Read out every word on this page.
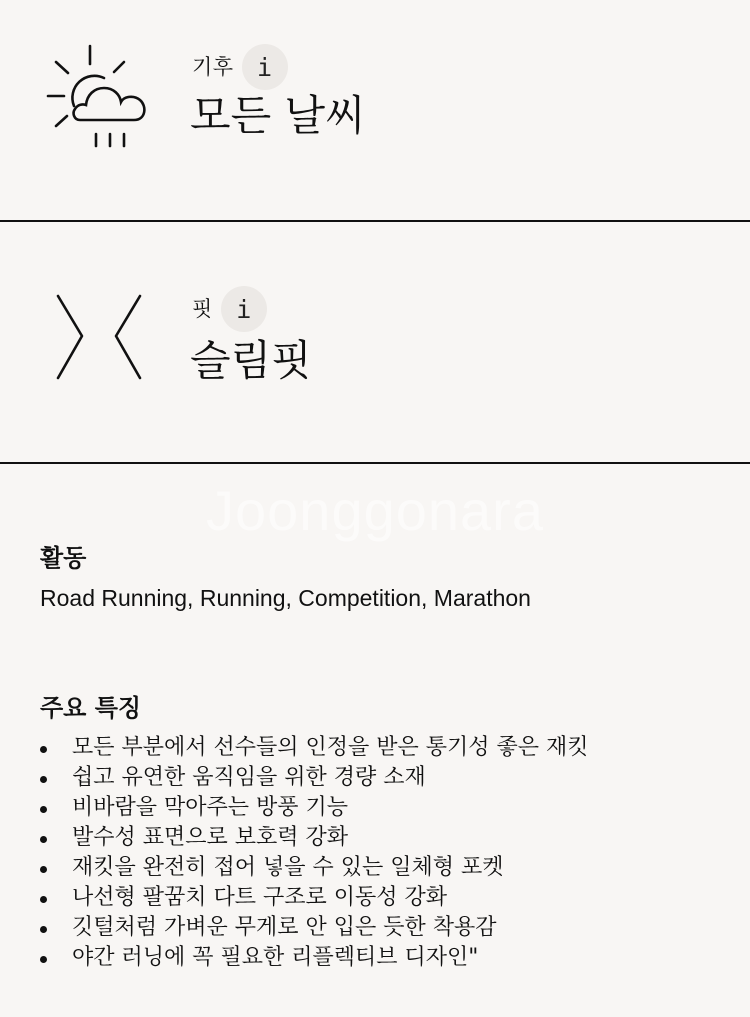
기후 i
모든 날씨
핏 i
슬림핏
Joonggonara
활동
Road Running, Running, Competition, Marathon
주요 특징
모든 부분에서 선수들의 인정을 받은 통기성 좋은 재킷
쉽고 유연한 움직임을 위한 경량 소재
비바람을 막아주는 방풍 기능
발수성 표면으로 보호력 강화
재킷을 완전히 접어 넣을 수 있는 일체형 포켓
나선형 팔꿈치 다트 구조로 이동성 강화
깃털처럼 가벼운 무게로 안 입은 듯한 착용감
야간 러닝에 꼭 필요한 리플렉티브 디자인"
